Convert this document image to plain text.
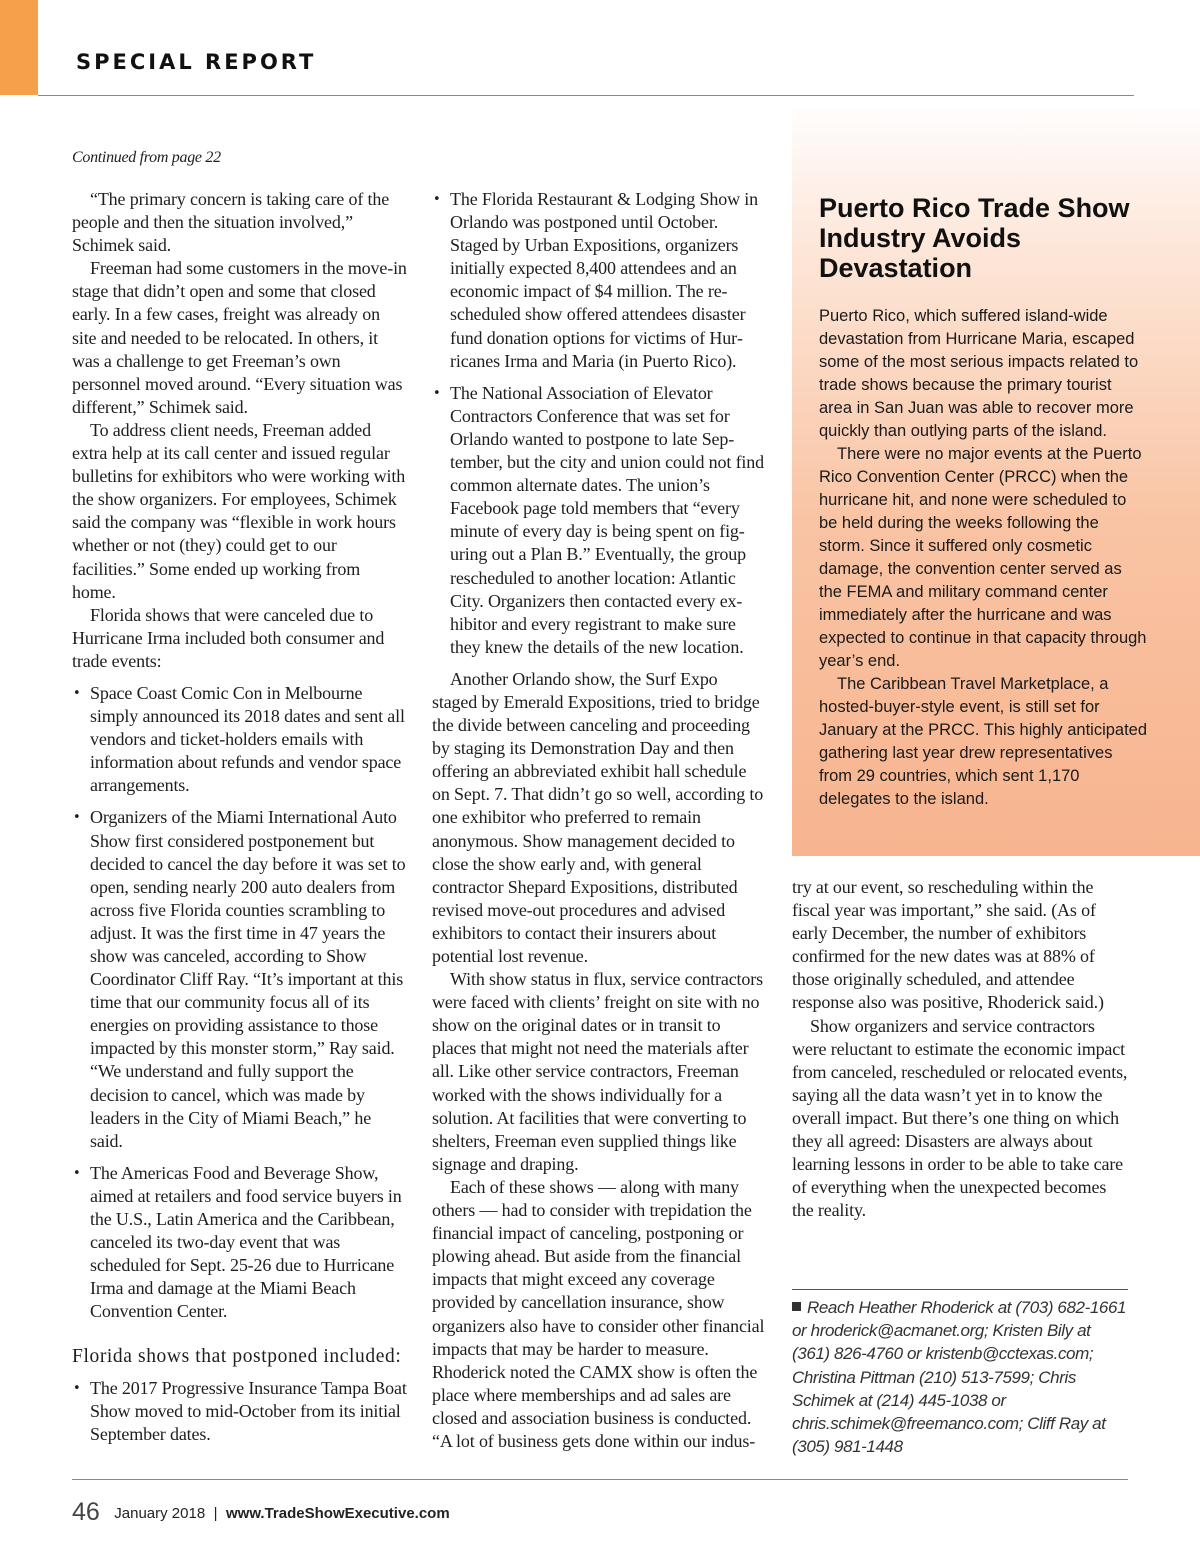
SPECIAL REPORT

Continued from page 22

“The primary concern is taking care of the people and then the situation involved,” Schimek said.

Freeman had some customers in the move-in stage that didn’t open and some that closed early. In a few cases, freight was already on site and needed to be relocated. In others, it was a challenge to get Freeman’s own personnel moved around. “Every situation was different,” Schimek said.

To address client needs, Freeman added extra help at its call center and issued regular bulletins for exhibitors who were working with the show organizers. For employees, Schimek said the company was “flexible in work hours whether or not (they) could get to our facilities.” Some ended up working from home.

Florida shows that were canceled due to Hurricane Irma included both consumer and trade events:

• Space Coast Comic Con in Melbourne simply announced its 2018 dates and sent all vendors and ticket-holders emails with information about refunds and vendor space arrangements.
• Organizers of the Miami International Auto Show first considered postponement but decided to cancel the day before it was set to open, sending nearly 200 auto dealers from across five Florida counties scrambling to adjust. It was the first time in 47 years the show was canceled, according to Show Coordinator Cliff Ray. “It’s important at this time that our community focus all of its energies on providing assistance to those impacted by this monster storm,” Ray said. “We understand and fully support the decision to cancel, which was made by leaders in the City of Miami Beach,” he said.
• The Americas Food and Beverage Show, aimed at retailers and food service buyers in the U.S., Latin America and the Caribbean, canceled its two-day event that was scheduled for Sept. 25-26 due to Hurricane Irma and damage at the Miami Beach Convention Center.

Florida shows that postponed included:

• The 2017 Progressive Insurance Tampa Boat Show moved to mid-October from its initial September dates.
• The Florida Restaurant & Lodging Show in Orlando was postponed until October. Staged by Urban Expositions, organizers initially expected 8,400 attendees and an economic impact of $4 million. The rescheduled show offered attendees disaster fund donation options for victims of Hurricanes Irma and Maria (in Puerto Rico).
• The National Association of Elevator Contractors Conference that was set for Orlando wanted to postpone to late September, but the city and union could not find common alternate dates. The union’s Facebook page told members that “every minute of every day is being spent on figuring out a Plan B.” Eventually, the group rescheduled to another location: Atlantic City. Organizers then contacted every exhibitor and every registrant to make sure they knew the details of the new location.

Another Orlando show, the Surf Expo staged by Emerald Expositions, tried to bridge the divide between canceling and proceeding by staging its Demonstration Day and then offering an abbreviated exhibit hall schedule on Sept. 7. That didn’t go so well, according to one exhibitor who preferred to remain anonymous. Show management decided to close the show early and, with general contractor Shepard Expositions, distributed revised move-out procedures and advised exhibitors to contact their insurers about potential lost revenue.

With show status in flux, service contractors were faced with clients’ freight on site with no show on the original dates or in transit to places that might not need the materials after all. Like other service contractors, Freeman worked with the shows individually for a solution. At facilities that were converting to shelters, Freeman even supplied things like signage and draping.

Each of these shows — along with many others — had to consider with trepidation the financial impact of canceling, postponing or plowing ahead. But aside from the financial impacts that might exceed any coverage provided by cancellation insurance, show organizers also have to consider other financial impacts that may be harder to measure. Rhoderick noted the CAMX show is often the place where memberships and ad sales are closed and association business is conducted. “A lot of business gets done within our indus-

Puerto Rico Trade Show Industry Avoids Devastation

Puerto Rico, which suffered island-wide devastation from Hurricane Maria, escaped some of the most serious impacts related to trade shows because the primary tourist area in San Juan was able to recover more quickly than outlying parts of the island.

There were no major events at the Puerto Rico Convention Center (PRCC) when the hurricane hit, and none were scheduled to be held during the weeks following the storm. Since it suffered only cosmetic damage, the convention center served as the FEMA and military command center immediately after the hurricane and was expected to continue in that capacity through year’s end.

The Caribbean Travel Marketplace, a hosted-buyer-style event, is still set for January at the PRCC. This highly anticipated gathering last year drew representatives from 29 countries, which sent 1,170 delegates to the island.

try at our event, so rescheduling within the fiscal year was important,” she said. (As of early December, the number of exhibitors confirmed for the new dates was at 88% of those originally scheduled, and attendee response also was positive, Rhoderick said.)

Show organizers and service contractors were reluctant to estimate the economic impact from canceled, rescheduled or relocated events, saying all the data wasn’t yet in to know the overall impact. But there’s one thing on which they all agreed: Disasters are always about learning lessons in order to be able to take care of everything when the unexpected becomes the reality.

Reach Heather Rhoderick at (703) 682-1661 or hroderick@acmanet.org; Kristen Bily at (361) 826-4760 or kristenb@cctexas.com; Christina Pittman (210) 513-7599; Chris Schimek at (214) 445-1038 or chris.schimek@freemanco.com; Cliff Ray at (305) 981-1448

46 January 2018 | www.TradeShowExecutive.com
